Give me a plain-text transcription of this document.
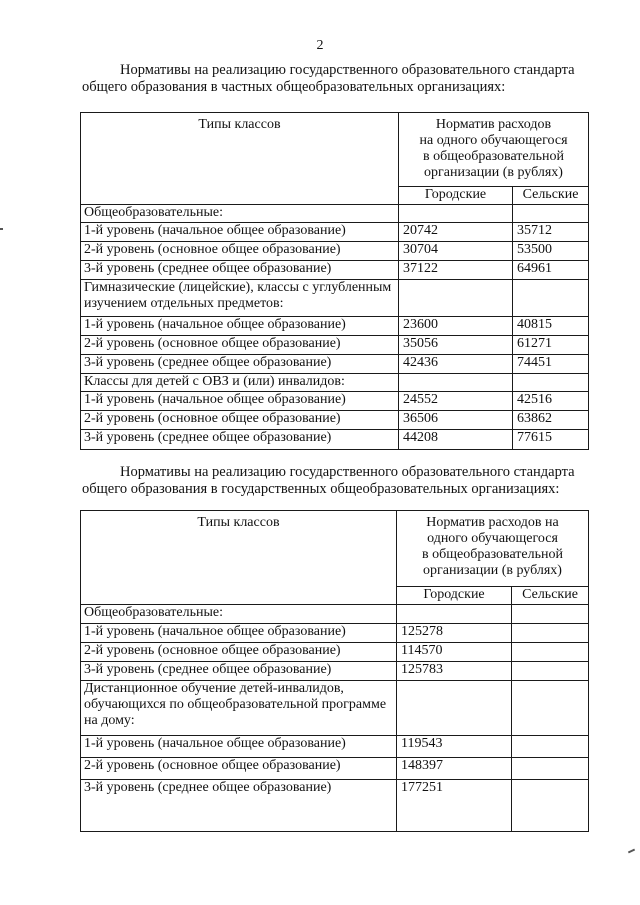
2
Нормативы на реализацию государственного образовательного стандарта
общего образования в частных общеобразовательных организациях:
Типы классов	Норматив расходов
на одного обучающегося
в общеобразовательной
организации (в рублях)	

	Городские	Сельские
Общеобразовательные:		
1-й уровень (начальное общее образование)	20742	35712
2-й уровень (основное общее образование)	30704	53500
3-й уровень (среднее общее образование)	37122	64961
Гимназические (лицейские), классы с углубленным изучением отдельных предметов:		
1-й уровень (начальное общее образование)	23600	40815
2-й уровень (основное общее образование)	35056	61271
3-й уровень (среднее общее образование)	42436	74451
Классы для детей с ОВЗ и (или) инвалидов:		
1-й уровень (начальное общее образование)	24552	42516
2-й уровень (основное общее образование)	36506	63862
3-й уровень (среднее общее образование)	44208	77615
Нормативы на реализацию государственного образовательного стандарта
общего образования в государственных общеобразовательных организациях:
Типы классов	Норматив расходов на
одного обучающегося
в общеобразовательной
организации (в рублях)	

	Городские	Сельские
Общеобразовательные:		
1-й уровень (начальное общее образование)	125278	
2-й уровень (основное общее образование)	114570	
3-й уровень (среднее общее образование)	125783	
Дистанционное обучение детей-инвалидов, обучающихся по общеобразовательной программе на дому:		
1-й уровень (начальное общее образование)	119543	
2-й уровень (основное общее образование)	148397	
3-й уровень (среднее общее образование)	177251	
